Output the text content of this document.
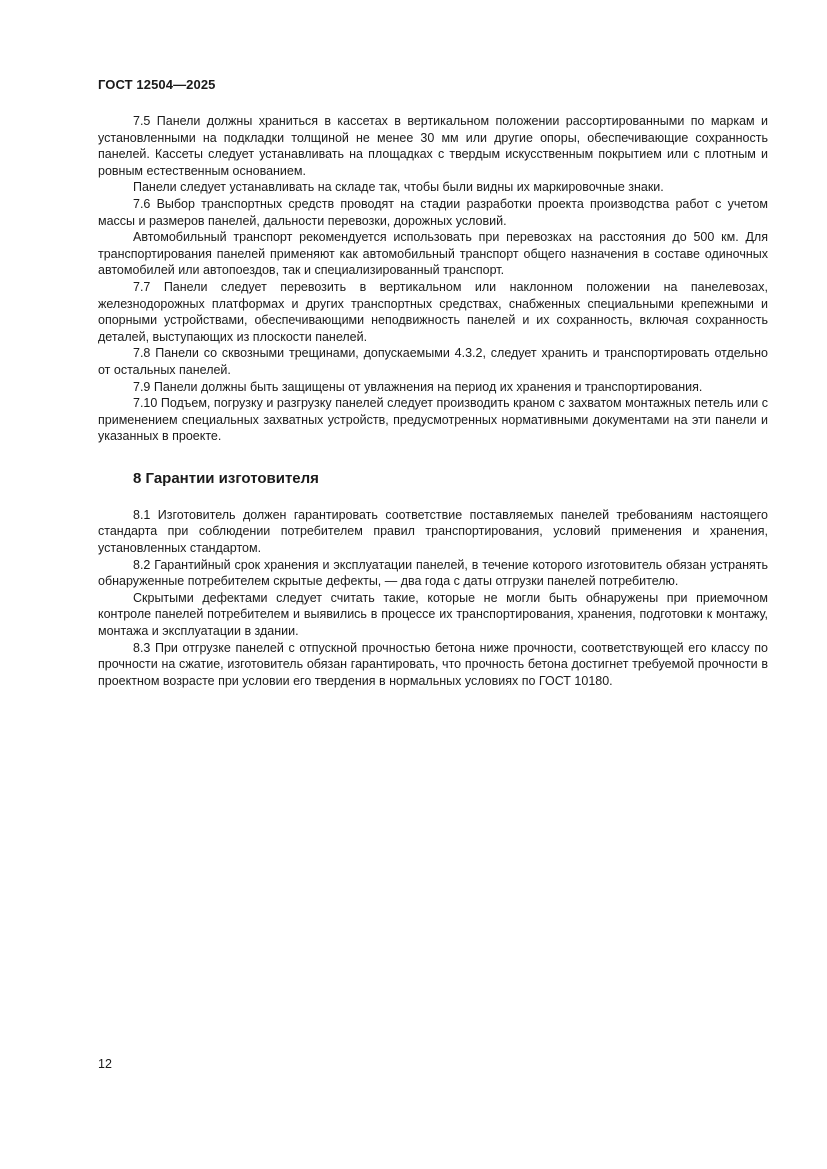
ГОСТ 12504—2025

7.5 Панели должны храниться в кассетах в вертикальном положении рассортированными по маркам и установленными на подкладки толщиной не менее 30 мм или другие опоры, обеспечивающие сохранность панелей. Кассеты следует устанавливать на площадках с твердым искусственным покрытием или с плотным и ровным естественным основанием.

Панели следует устанавливать на складе так, чтобы были видны их маркировочные знаки.

7.6 Выбор транспортных средств проводят на стадии разработки проекта производства работ с учетом массы и размеров панелей, дальности перевозки, дорожных условий.

Автомобильный транспорт рекомендуется использовать при перевозках на расстояния до 500 км. Для транспортирования панелей применяют как автомобильный транспорт общего назначения в составе одиночных автомобилей или автопоездов, так и специализированный транспорт.

7.7 Панели следует перевозить в вертикальном или наклонном положении на панелевозах, железнодорожных платформах и других транспортных средствах, снабженных специальными крепежными и опорными устройствами, обеспечивающими неподвижность панелей и их сохранность, включая сохранность деталей, выступающих из плоскости панелей.

7.8 Панели со сквозными трещинами, допускаемыми 4.3.2, следует хранить и транспортировать отдельно от остальных панелей.

7.9 Панели должны быть защищены от увлажнения на период их хранения и транспортирования.

7.10 Подъем, погрузку и разгрузку панелей следует производить краном с захватом монтажных петель или с применением специальных захватных устройств, предусмотренных нормативными документами на эти панели и указанных в проекте.

8 Гарантии изготовителя

8.1 Изготовитель должен гарантировать соответствие поставляемых панелей требованиям настоящего стандарта при соблюдении потребителем правил транспортирования, условий применения и хранения, установленных стандартом.

8.2 Гарантийный срок хранения и эксплуатации панелей, в течение которого изготовитель обязан устранять обнаруженные потребителем скрытые дефекты, — два года с даты отгрузки панелей потребителю.

Скрытыми дефектами следует считать такие, которые не могли быть обнаружены при приемочном контроле панелей потребителем и выявились в процессе их транспортирования, хранения, подготовки к монтажу, монтажа и эксплуатации в здании.

8.3 При отгрузке панелей с отпускной прочностью бетона ниже прочности, соответствующей его классу по прочности на сжатие, изготовитель обязан гарантировать, что прочность бетона достигнет требуемой прочности в проектном возрасте при условии его твердения в нормальных условиях по ГОСТ 10180.

12
